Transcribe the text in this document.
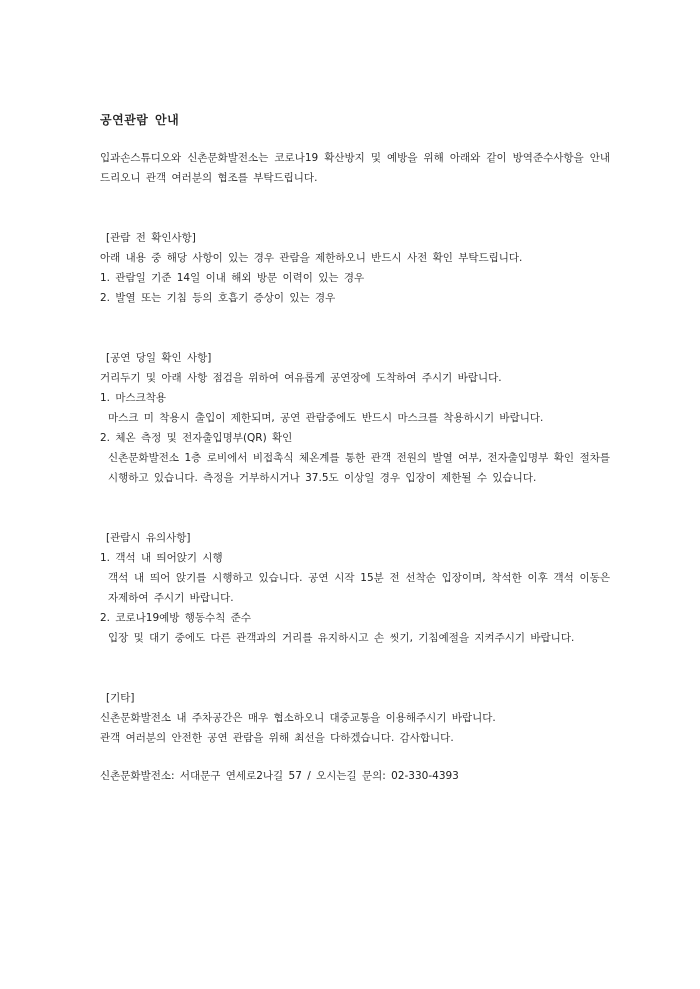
공연관람 안내

입과손스튜디오와 신촌문화발전소는 코로나19 확산방지 및 예방을 위해 아래와 같이 방역준수사항을 안내드리오니 관객 여러분의 협조를 부탁드립니다.

[관람 전 확인사항]

아래 내용 중 해당 사항이 있는 경우 관람을 제한하오니 반드시 사전 확인 부탁드립니다.

1. 관람일 기준 14일 이내 해외 방문 이력이 있는 경우

2. 발열 또는 기침 등의 호흡기 증상이 있는 경우

[공연 당일 확인 사항]

거리두기 및 아래 사항 점검을 위하여 여유롭게 공연장에 도착하여 주시기 바랍니다.

1. 마스크착용

마스크 미 착용시 출입이 제한되며, 공연 관람중에도 반드시 마스크를 착용하시기 바랍니다.

2. 체온 측정 및 전자출입명부(QR) 확인

신촌문화발전소 1층 로비에서 비접촉식 체온계를 통한 관객 전원의 발열 여부, 전자출입명부 확인 절차를 시행하고 있습니다. 측정을 거부하시거나 37.5도 이상일 경우 입장이 제한될 수 있습니다.

[관람시 유의사항]

1. 객석 내 띄어앉기 시행

객석 내 띄어 앉기를 시행하고 있습니다. 공연 시작 15분 전 선착순 입장이며, 착석한 이후 객석 이동은 자제하여 주시기 바랍니다.

2. 코로나19예방 행동수칙 준수

입장 및 대기 중에도 다른 관객과의 거리를 유지하시고 손 씻기, 기침예절을 지켜주시기 바랍니다.

[기타]

신촌문화발전소 내 주차공간은 매우 협소하오니 대중교통을 이용해주시기 바랍니다.

관객 여러분의 안전한 공연 관람을 위해 최선을 다하겠습니다. 감사합니다.

신촌문화발전소: 서대문구 연세로2나길 57 / 오시는길 문의: 02-330-4393
